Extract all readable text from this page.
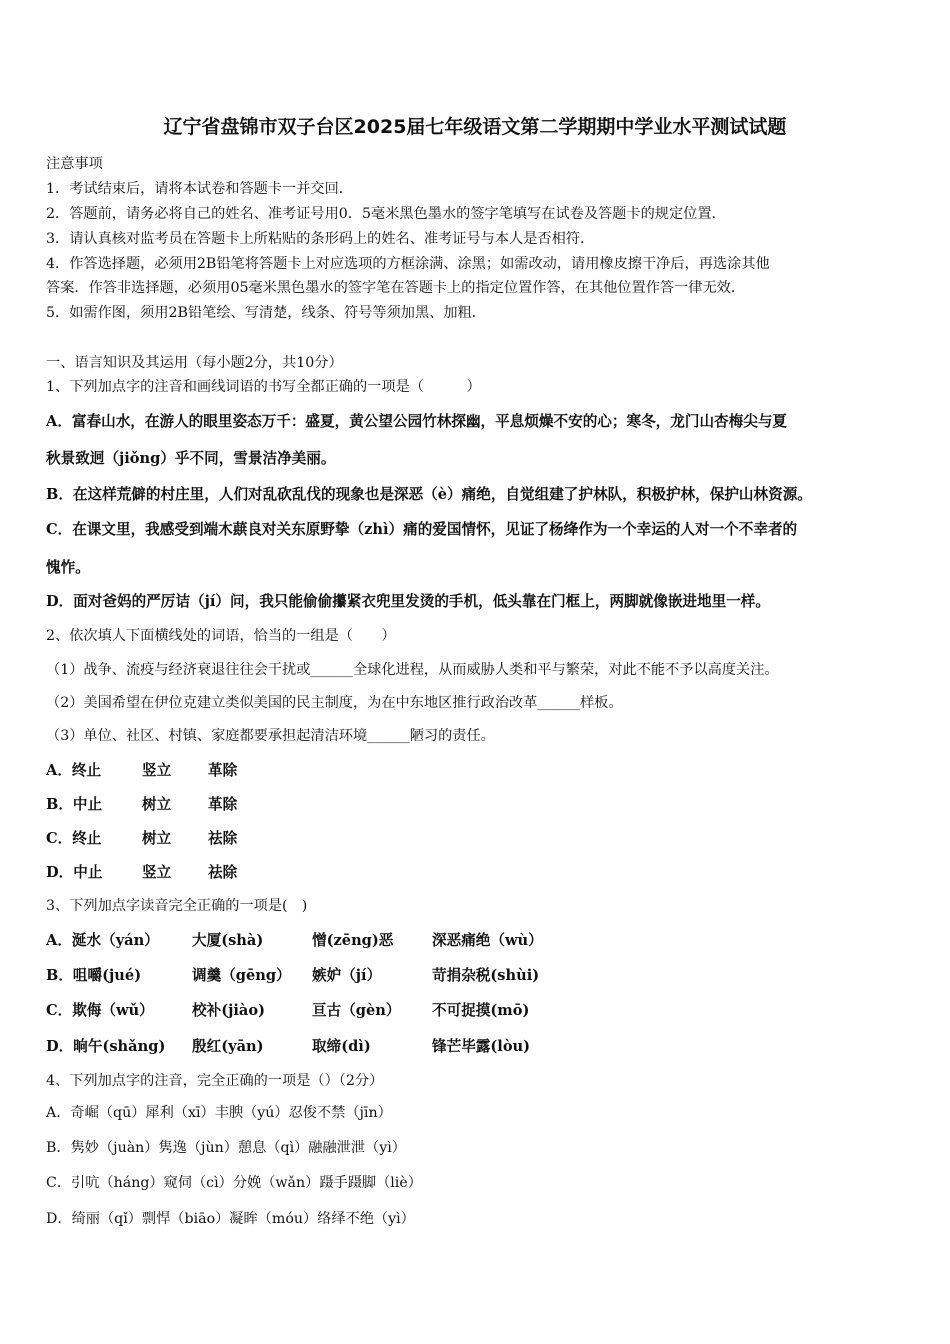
辽宁省盘锦市双子台区2025届七年级语文第二学期期中学业水平测试试题
注意事项
1．考试结束后，请将本试卷和答题卡一并交回．
2．答题前，请务必将自己的姓名、准考证号用0．5毫米黑色墨水的签字笔填写在试卷及答题卡的规定位置．
3．请认真核对监考员在答题卡上所粘贴的条形码上的姓名、准考证号与本人是否相符．
4．作答选择题，必须用2B铅笔将答题卡上对应选项的方框涂满、涂黑；如需改动，请用橡皮擦干净后，再选涂其他
答案．作答非选择题，必须用05毫米黑色墨水的签字笔在答题卡上的指定位置作答，在其他位置作答一律无效．
5．如需作图，须用2B铅笔绘、写清楚，线条、符号等须加黑、加粗．
一、语言知识及其运用（每小题2分，共10分）
1、下列加点字的注音和画线词语的书写全都正确的一项是（　　　）
A．富春山水，在游人的眼里姿态万千：盛夏，黄公望公园竹林探幽，平息烦燥不安的心；寒冬，龙门山杏梅尖与夏
秋景致迥（jiǒng）乎不同，雪景洁净美丽。
B．在这样荒僻的村庄里，人们对乱砍乱伐的现象也是深恶（è）痛绝，自觉组建了护林队，积极护林，保护山林资源。
C．在课文里，我感受到端木蕻良对关东原野挚（zhì）痛的爱国情怀，见证了杨绛作为一个幸运的人对一个不幸者的
愧怍。
D．面对爸妈的严厉诘（jí）问，我只能偷偷攥紧衣兜里发烫的手机，低头靠在门框上，两脚就像嵌进地里一样。
2、依次填人下面横线处的词语，恰当的一组是（　　）
（1）战争、流疫与经济衰退往往会干扰或______全球化进程，从而威胁人类和平与繁荣，对此不能不予以高度关注。
（2）美国希望在伊位克建立类似美国的民主制度，为在中东地区推行政治改革______样板。
（3）单位、社区、村镇、家庭都要承担起清洁环境______陋习的责任。
A．终止	竖立	革除
B．中止	树立	革除
C．终止	树立	祛除
D．中止	竖立	祛除
3、下列加点字读音完全正确的一项是(　)
A．涎水（yán） 大厦(shà)	憎(zēng)恶	深恶痛绝（wù）
B．咀嚼(jué)	调羹（gēng） 嫉妒（jí）	苛捐杂税(shùi)
C．欺侮（wǔ）	校补(jiào)	亘古（gèn） 不可捉摸(mō)
D．晌午(shǎng) 殷红(yān)	取缔(dì)	锋芒毕露(lòu)
4、下列加点字的注音，完全正确的一项是（）（2分）
A．奇崛（qū）犀利（xī）丰腴（yú）忍俊不禁（jīn）
B．隽妙（juàn）隽逸（jùn）憩息（qì）融融泄泄（yì）
C．引吭（háng）窥伺（cì）分娩（wǎn）蹑手蹑脚（liè）
D．绮丽（qǐ）剽悍（biāo）凝眸（móu）络绎不绝（yì）
